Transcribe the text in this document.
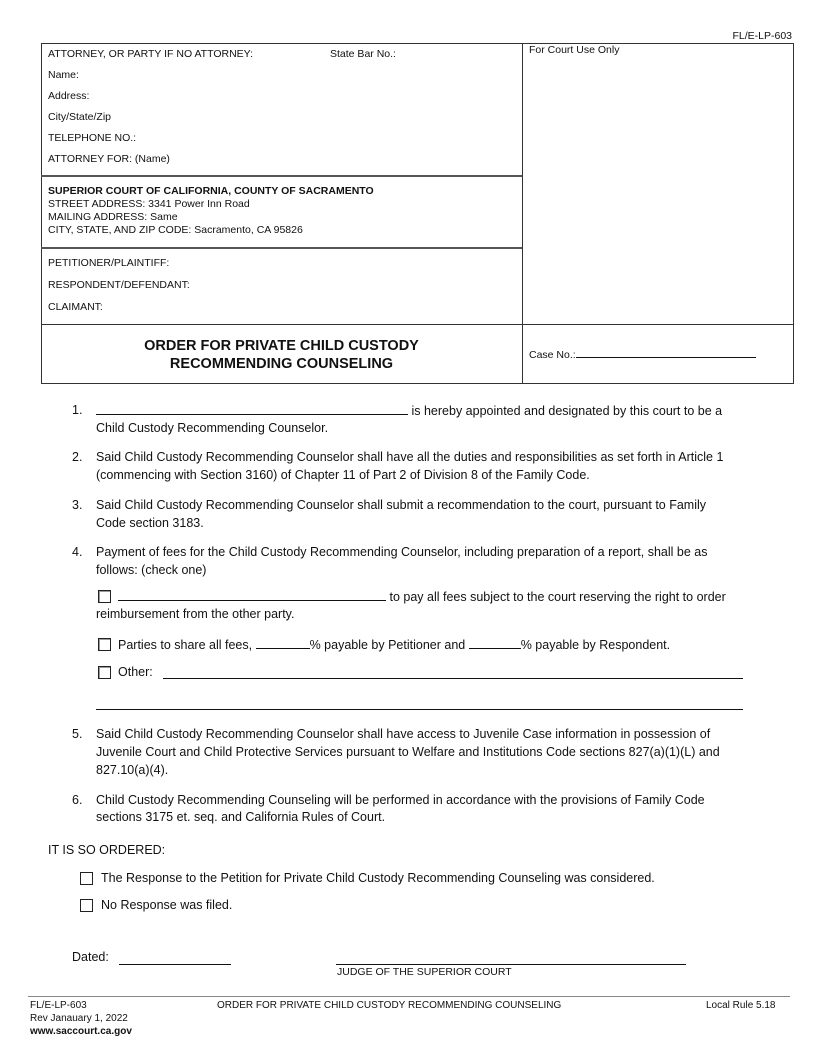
FL/E-LP-603
ATTORNEY, OR PARTY IF NO ATTORNEY:	State Bar No.:
Name:
Address:
City/State/Zip
TELEPHONE NO.:
ATTORNEY FOR: (Name)
For Court Use Only
SUPERIOR COURT OF CALIFORNIA, COUNTY OF SACRAMENTO
STREET ADDRESS: 3341 Power Inn Road
MAILING ADDRESS: Same
CITY, STATE, AND ZIP CODE: Sacramento, CA 95826
PETITIONER/PLAINTIFF:
RESPONDENT/DEFENDANT:
CLAIMANT:
ORDER FOR PRIVATE CHILD CUSTODY
RECOMMENDING COUNSELING
Case No.:
1.	is hereby appointed and designated by this court to be a
Child Custody Recommending Counselor.
2. Said Child Custody Recommending Counselor shall have all the duties and responsibilities as set forth in Article 1
(commencing with Section 3160) of Chapter 11 of Part 2 of Division 8 of the Family Code.
3. Said Child Custody Recommending Counselor shall submit a recommendation to the court, pursuant to Family
Code section 3183.
4. Payment of fees for the Child Custody Recommending Counselor, including preparation of a report, shall be as
follows: (check one)
to pay all fees subject to the court reserving the right to order
reimbursement from the other party.
Parties to share all fees,	% payable by Petitioner and	% payable by Respondent.
Other:
5. Said Child Custody Recommending Counselor shall have access to Juvenile Case information in possession of
Juvenile Court and Child Protective Services pursuant to Welfare and Institutions Code sections 827(a)(1)(L) and
827.10(a)(4).
6. Child Custody Recommending Counseling will be performed in accordance with the provisions of Family Code
sections 3175 et. seq. and California Rules of Court.
IT IS SO ORDERED:
The Response to the Petition for Private Child Custody Recommending Counseling was considered.
No Response was filed.
Dated:
JUDGE OF THE SUPERIOR COURT
FL/E-LP-603
Rev Janauary 1, 2022
www.saccourt.ca.gov
ORDER FOR PRIVATE CHILD CUSTODY RECOMMENDING COUNSELING	Local Rule 5.18
